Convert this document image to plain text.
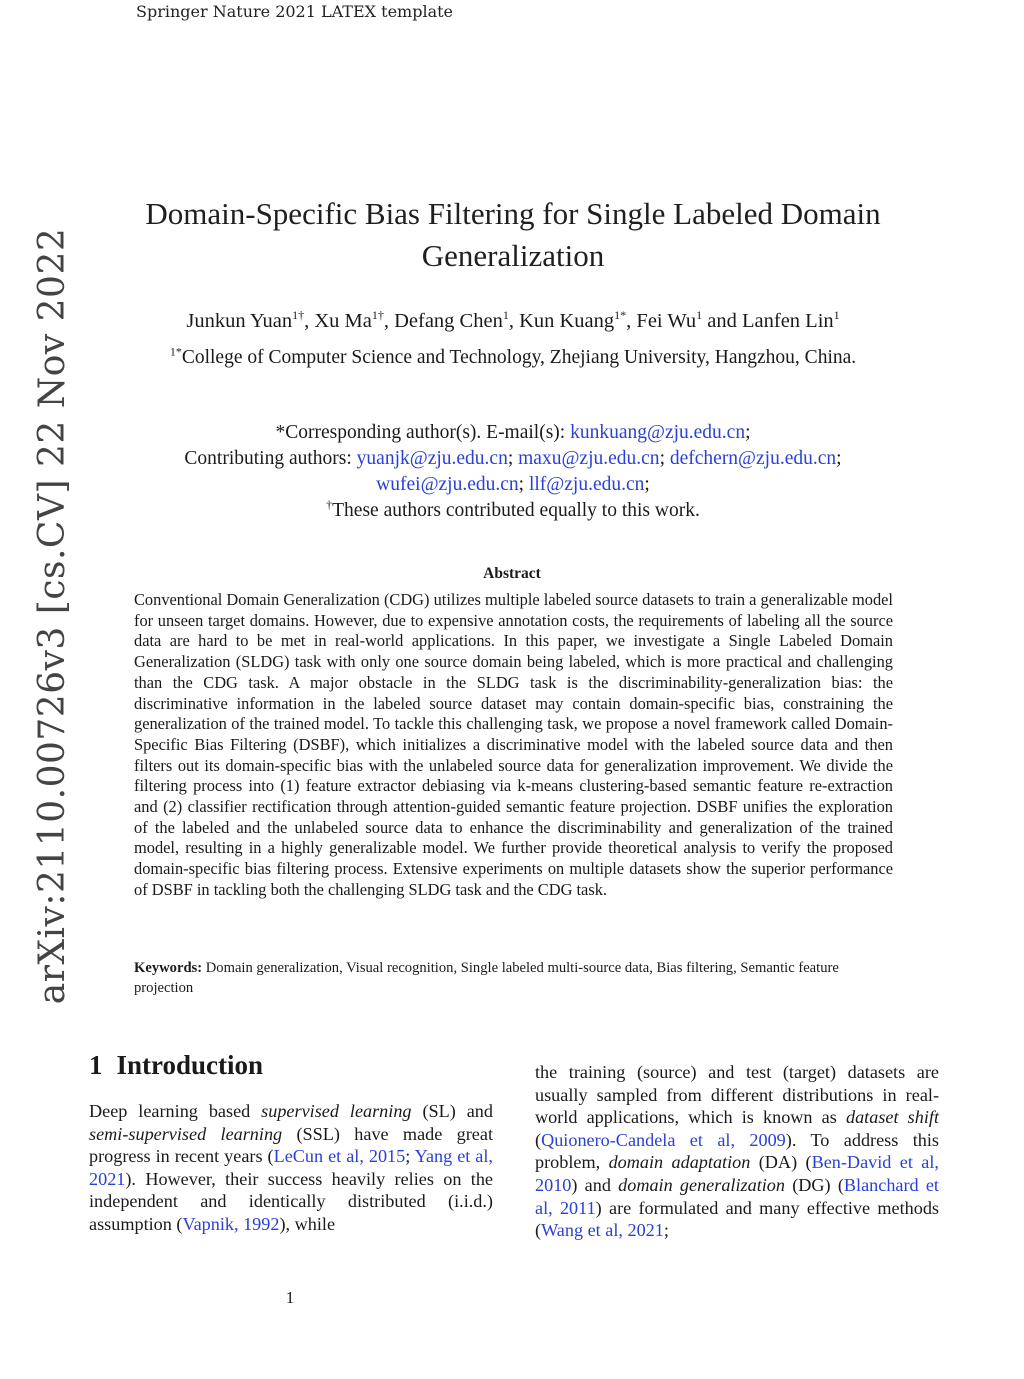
Springer Nature 2021 LATEX template
arXiv:2110.00726v3 [cs.CV] 22 Nov 2022
Domain-Specific Bias Filtering for Single Labeled Domain Generalization
Junkun Yuan$^{1\dagger}$, Xu $Ma^{1\dagger}$, Defang Chen$^1$, Kun Kuang$^{1*}$, Fei Wu$^1$ and Lanfen Lin$^1$
$^{1*}$College of Computer Science and Technology, Zhejiang University, Hangzhou, China.
*Corresponding author(s). E-mail(s): kunkuang@zju.edu.cn;
Contributing authors: yuanjk@zju.edu.cn; maxu@zju.edu.cn; defchern@zju.edu.cn;
wufei@zju.edu.cn; llf@zju.edu.cn;
†These authors contributed equally to this work.
Abstract
Conventional Domain Generalization (CDG) utilizes multiple labeled source datasets to train a generalizable model for unseen target domains. However, due to expensive annotation costs, the requirements of labeling all the source data are hard to be met in real-world applications. In this paper, we investigate a Single Labeled Domain Generalization (SLDG) task with only one source domain being labeled, which is more practical and challenging than the CDG task. A major obstacle in the SLDG task is the discriminability-generalization bias: the discriminative information in the labeled source dataset may contain domain-specific bias, constraining the generalization of the trained model. To tackle this challenging task, we propose a novel framework called Domain-Specific Bias Filtering (DSBF), which initializes a discriminative model with the labeled source data and then filters out its domain-specific bias with the unlabeled source data for generalization improvement. We divide the filtering process into (1) feature extractor debiasing via k-means clustering-based semantic feature re-extraction and (2) classifier rectification through attention-guided semantic feature projection. DSBF unifies the exploration of the labeled and the unlabeled source data to enhance the discriminability and generalization of the trained model, resulting in a highly generalizable model. We further provide theoretical analysis to verify the proposed domain-specific bias filtering process. Extensive experiments on multiple datasets show the superior performance of DSBF in tackling both the challenging SLDG task and the CDG task.
Keywords: Domain generalization, Visual recognition, Single labeled multi-source data, Bias filtering, Semantic feature projection
1 Introduction
Deep learning based supervised learning (SL) and semi-supervised learning (SSL) have made great progress in recent years (LeCun et al, 2015; Yang et al, 2021). However, their success heavily relies on the independent and identically distributed (i.i.d.) assumption (Vapnik, 1992), while
the training (source) and test (target) datasets are usually sampled from different distributions in real-world applications, which is known as dataset shift (Quionero-Candela et al, 2009). To address this problem, domain adaptation (DA) (Ben-David et al, 2010) and domain generalization (DG) (Blanchard et al, 2011) are formulated and many effective methods (Wang et al, 2021;
1
